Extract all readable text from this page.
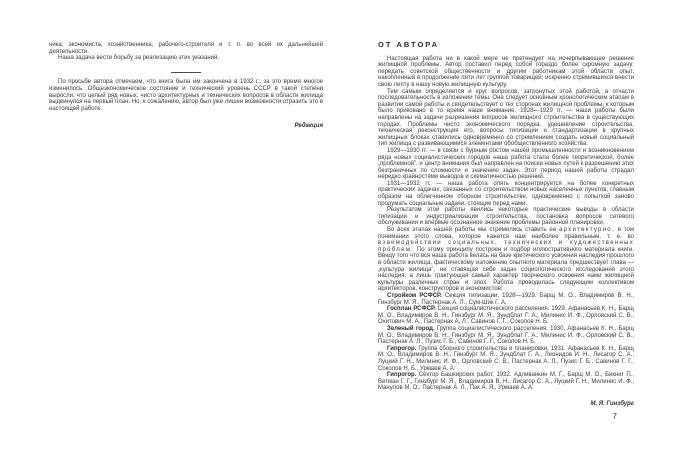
ника, экономиста, хозяйственника, рабочего-строителя и т. п. во всей их дальнейшей деятельности.

Наша задача вести борьбу за реализацию этих указаний.

По просьбе автора отмечаем, что книга была им закончена в 1932 г.; за это время многое изменилось. Общеэкономическое состояние и технический уровень СССР в такой степени выросли, что целый ряд новых, чисто архитектурных и технических вопросов в области жилища выдвинулся на первый план. Но, к сожалению, автор был уже лишен возможности отразить это в настоящей работе.

Редакция

ОТ АВТОРА

Настоящая работа ни в какой мере не претендует на исчерпывающее решение жилищной проблемы. Автор поставил перед собой гораздо более скромную задачу: передать советской общественности и другим работникам этой области опыт, накопленный в продолжение пяти лет группой товарищей, искренно стремившихся внести свою лепту в нашу новую жилищную культуру.

Тем самым определяется и круг вопросов, затронутых этой работой, а отчасти последовательность в изложении темы. Она следует основным хронологическим этапам в развитии самой работы и свидетельствует о тех сторонах жилищной проблемы, к которым было приковано в то время наше внимание. 1928—1929 гг. — наши работы были направлены на задачи разрешения вопросов жилищного строительства в существующих городах. Проблемы чисто экономического порядка, удешевление строительства, техническая реконструкция его, вопросы типизации и стандартизации в крупных жилищных блоках ставились одновременно со стремлением создать новый социальный тип жилища с развивающимися элементами обобществленного хозяйства.

1929—1930 гг. — в связи с бурным ростом нашей промышленности и возникновением ряда новых социалистических городов наша работа стала более теоретической, более „проблемной”, и центр внимания был направлен на поиски новых путей к разрешению этих безграничных по сложности и значению задач. Этот период нашей работы страдал нередко крайностями выводов и схематичностью решений.

1931—1932 гг. — наша работа опять концентрируется на более конкретных практических задачах, связанных со строительством новых населенных пунктов, главным образом на облегченном сборном строительстве, одновременно с попыткой заново продумать социальные задачи, стоящие перед нами.

Результатом этой работы явились некоторые практические выводы в области типизации и индустриализации строительства, постановка вопросов сетевого обслуживания и впервые осознанное значение проблемы районной планировки.

Во всех этапах нашей работы мы стремились ставить ее архитектурно, в том понимании этого слова, которое кажется нам наиболее правильным, т. е. во взаимодействии социальных, технических и художественных проблем. По этому принципу построен и подбор иллюстративного материала книги. Ввиду того что вся наша работа велась на базе критического усвоения наследия прошлого в области жилища, фактическому изложению опытного материала предшествует глава — „культура жилища”, не ставящая себе задач социологического исследования этого наследия, а лишь трактующая самый характер творческого освоения нами жилищной культуры различных стран и эпох. Работа проводилась следующим коллективом архитекторов, конструкторов и экономистов:

Стройком РСФСР. Секция типизации, 1928—1929. Барщ М. О., Владимиров В. Н., Гинзбург М. Я., Пастернак А. Л., Сум-Шик Г. А.

Госплан РСФСР. Секция социалистического расселения. 1929. Афанасьев К. Н., Барщ М. О., Владимиров В. Н., Гинзбург М. Я., Зундблат Г. А., Милинис И. Ф., Орловский С. В., Охитович М. А., Пастернак А. Л., Савинов Г. Г., Соколов Н. Б.

Зеленый город. Группа социалистического расселения. 1930. Афанасьев К. Н., Барщ М. О., Владимиров В. Н., Гинзбург М. Я., Зундблат Г. А., Милинис И. Ф., Орловский С. В., Пастернак А. Л., Пузис Г. Б., Савинов Г. Г., Соколов Н. Б.

Гипрогор. Группа сборного строительства и планировки. 1931. Афанасьев К. Н., Барщ М. О., Владимиров В. Н., Гинзбург М. Я., Зундблат Г. А., Леонидов И. Н., Лисагор С. А., Луцкий Г. Н., Милинис И. Ф., Орловский С. В., Пастернак А. Л., Пузис Г. Б., Савинов Г. Г., Соколов Н. Б., Урмаев А. А.

Гипрогор. Сектор Башкирских работ, 1932. Адливанкин М. Г., Барщ М. О., Бикниг П., Ветман Г. Г., Гинзбург М. Я., Владимиров В. Н., Лисагор С. А., Луцкий Г. Н., Милинис И. Ф., Манулов М. О., Пастернак А. Л., Пак А. Я., Урмаев А. А.

М. Я. Гинзбург

7
